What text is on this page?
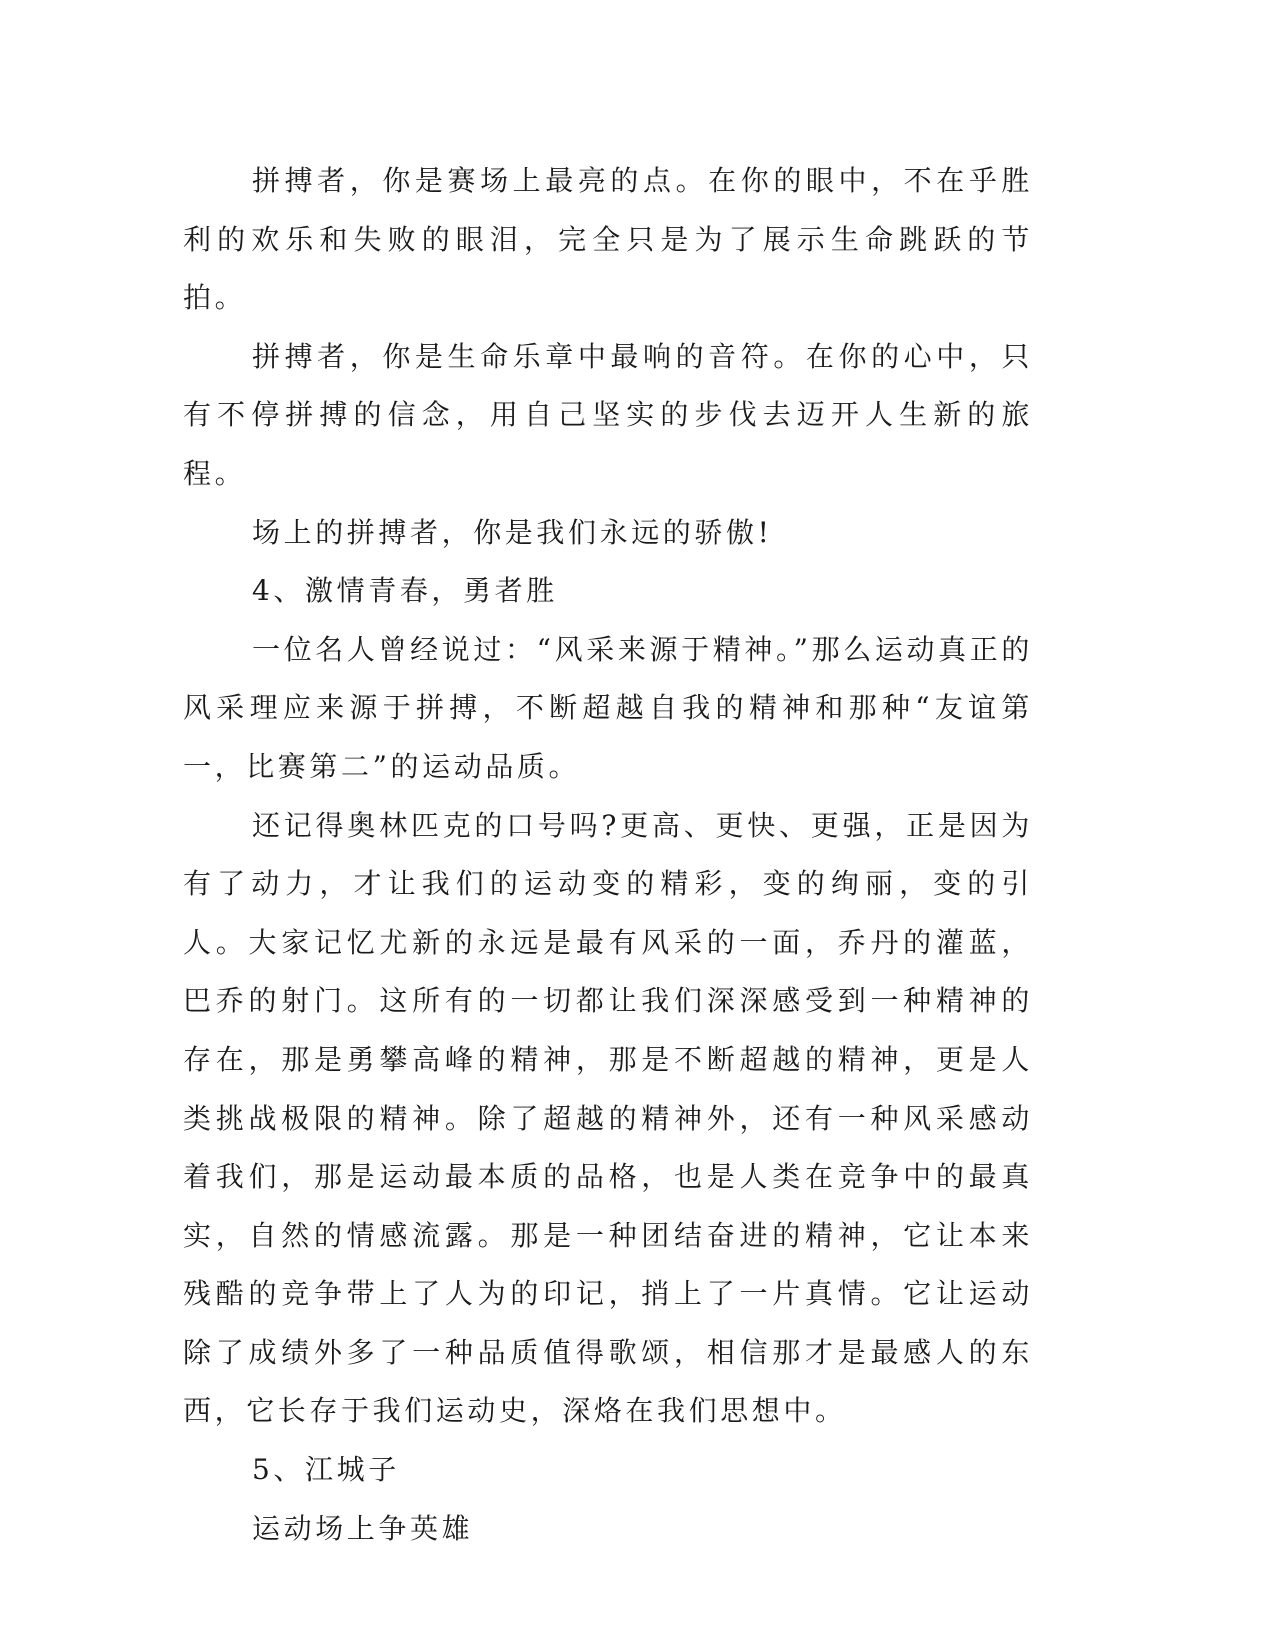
拼搏者，你是赛场上最亮的点。在你的眼中，不在乎胜利的欢乐和失败的眼泪，完全只是为了展示生命跳跃的节拍。

拼搏者，你是生命乐章中最响的音符。在你的心中，只有不停拼搏的信念，用自己坚实的步伐去迈开人生新的旅程。

场上的拼搏者，你是我们永远的骄傲!

4、激情青春，勇者胜

一位名人曾经说过：“风采来源于精神。”那么运动真正的风采理应来源于拼搏，不断超越自我的精神和那种“友谊第一，比赛第二”的运动品质。

还记得奥林匹克的口号吗?更高、更快、更强，正是因为有了动力，才让我们的运动变的精彩，变的绚丽，变的引人。大家记忆尤新的永远是最有风采的一面，乔丹的灌蓝，巴乔的射门。这所有的一切都让我们深深感受到一种精神的存在，那是勇攀高峰的精神，那是不断超越的精神，更是人类挑战极限的精神。除了超越的精神外，还有一种风采感动着我们，那是运动最本质的品格，也是人类在竞争中的最真实，自然的情感流露。那是一种团结奋进的精神，它让本来残酷的竞争带上了人为的印记，捎上了一片真情。它让运动除了成绩外多了一种品质值得歌颂，相信那才是最感人的东西，它长存于我们运动史，深烙在我们思想中。

5、江城子

运动场上争英雄
